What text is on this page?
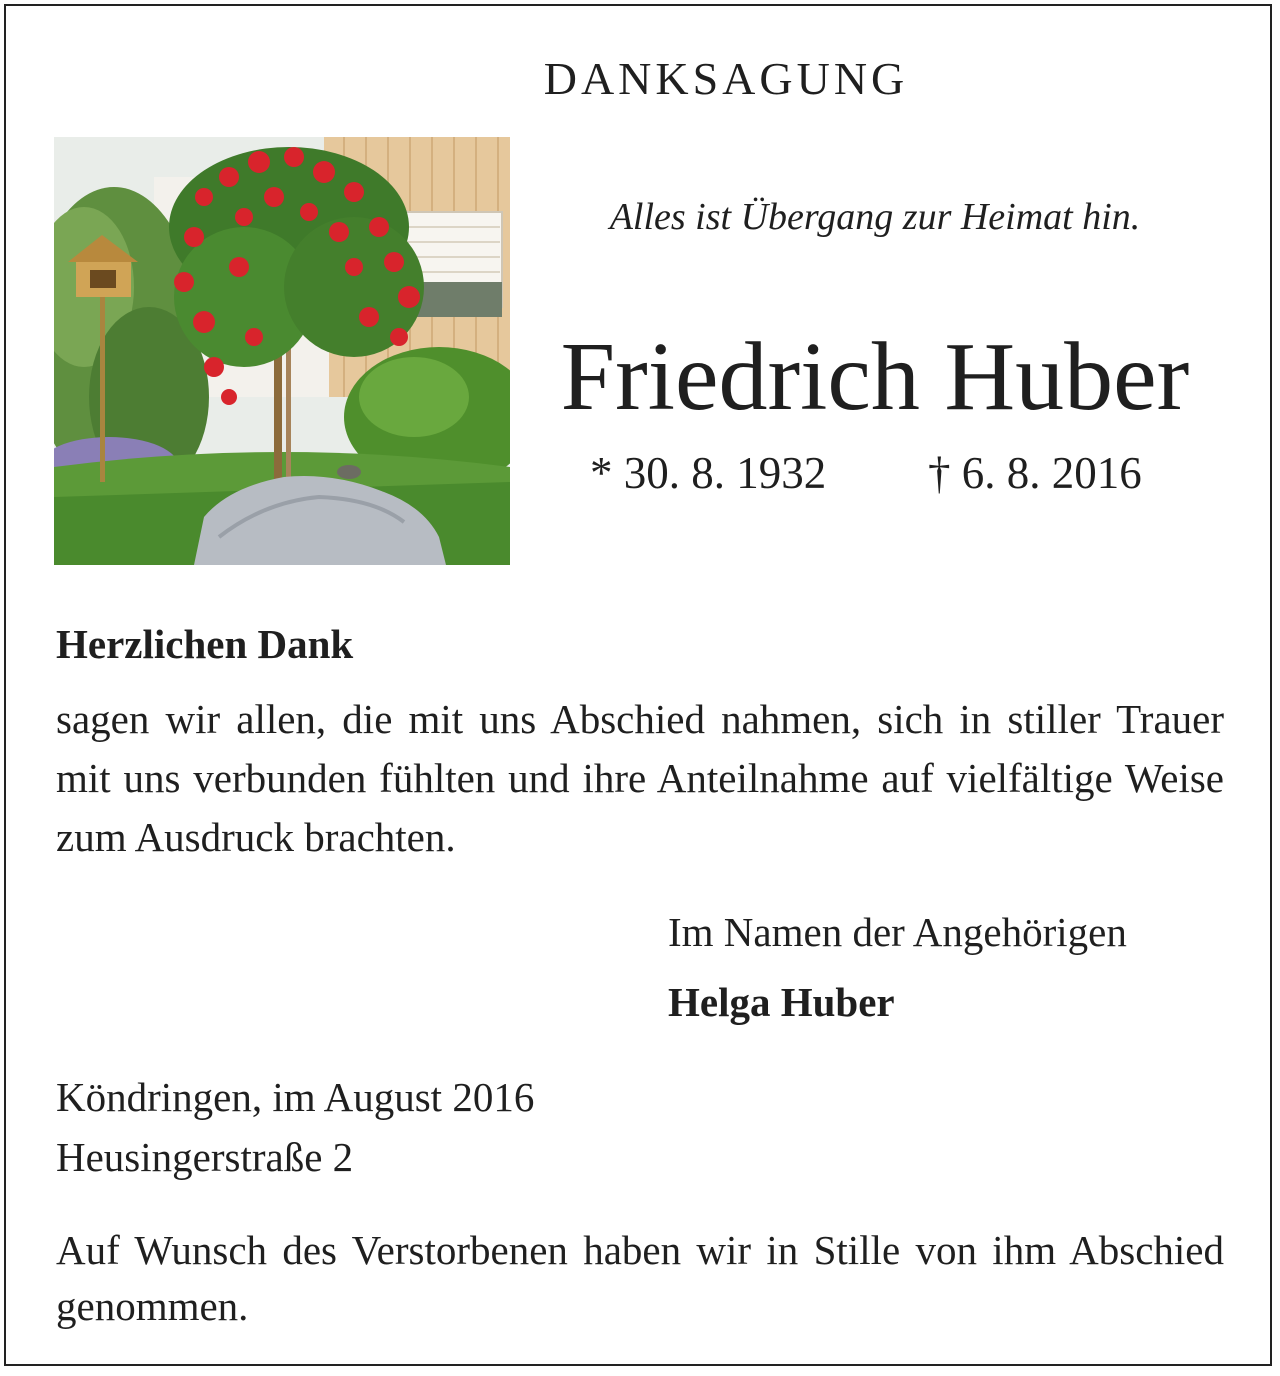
DANKSAGUNG
Alles ist Übergang zur Heimat hin.
Friedrich Huber
* 30. 8. 1932 † 6. 8. 2016
Herzlichen Dank
sagen wir allen, die mit uns Abschied nahmen, sich in stiller Trauer mit uns verbunden fühlten und ihre Anteilnahme auf vielfältige Weise zum Ausdruck brachten.
Im Namen der Angehörigen
Helga Huber
Köndringen, im August 2016
Heusingerstraße 2
Auf Wunsch des Verstorbenen haben wir in Stille von ihm Abschied genommen.
